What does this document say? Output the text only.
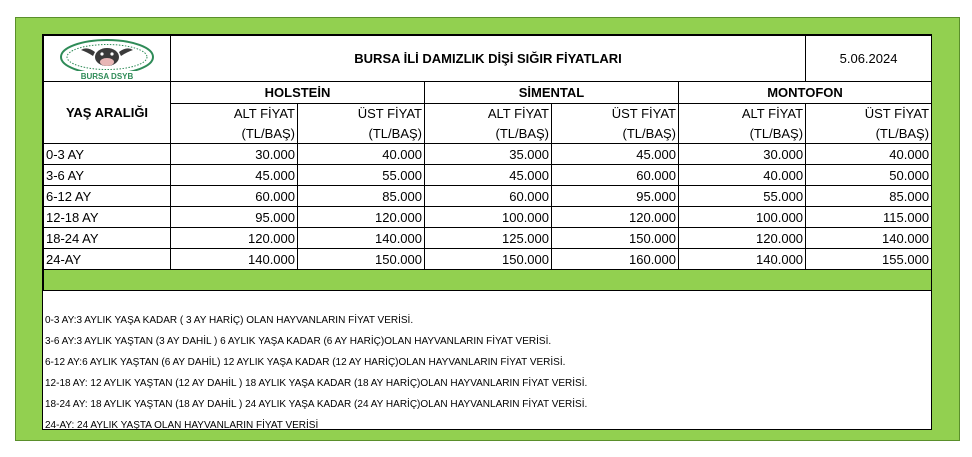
BURSA DSYB	BURSA İLİ DAMIZLIK DİŞİ SIĞIR FİYATLARI					5.06.2024
YAŞ ARALIĞI	HOLSTEİN		SİMENTAL		MONTOFON	
	ALT FİYAT	ÜST FİYAT	ALT FİYAT	ÜST FİYAT	ALT FİYAT	ÜST FİYAT
	(TL/BAŞ)	(TL/BAŞ)	(TL/BAŞ)	(TL/BAŞ)	(TL/BAŞ)	(TL/BAŞ)
0-3 AY	30.000	40.000	35.000	45.000	30.000	40.000
3-6 AY	45.000	55.000	45.000	60.000	40.000	50.000
6-12 AY	60.000	85.000	60.000	95.000	55.000	85.000
12-18 AY	95.000	120.000	100.000	120.000	100.000	115.000
18-24 AY	120.000	140.000	125.000	150.000	120.000	140.000
24-AY	140.000	150.000	150.000	160.000	140.000	155.000

0-3 AY:3 AYLIK YAŞA KADAR ( 3 AY HARİÇ) OLAN HAYVANLARIN FİYAT VERİSİ.
3-6 AY:3 AYLIK YAŞTAN (3 AY DAHİL ) 6 AYLIK YAŞA KADAR (6 AY HARİÇ)OLAN HAYVANLARIN FİYAT VERİSİ.
6-12 AY:6 AYLIK YAŞTAN (6 AY DAHİL) 12 AYLIK YAŞA KADAR (12 AY HARİÇ)OLAN HAYVANLARIN FİYAT VERİSİ.
12-18 AY: 12 AYLIK YAŞTAN (12 AY DAHİL ) 18 AYLIK YAŞA KADAR (18 AY HARİÇ)OLAN HAYVANLARIN FİYAT VERİSİ.
18-24 AY: 18 AYLIK YAŞTAN (18 AY DAHİL ) 24 AYLIK YAŞA KADAR (24 AY HARİÇ)OLAN HAYVANLARIN FİYAT VERİSİ.
24-AY: 24 AYLIK YAŞTA OLAN HAYVANLARIN FİYAT VERİSİ
